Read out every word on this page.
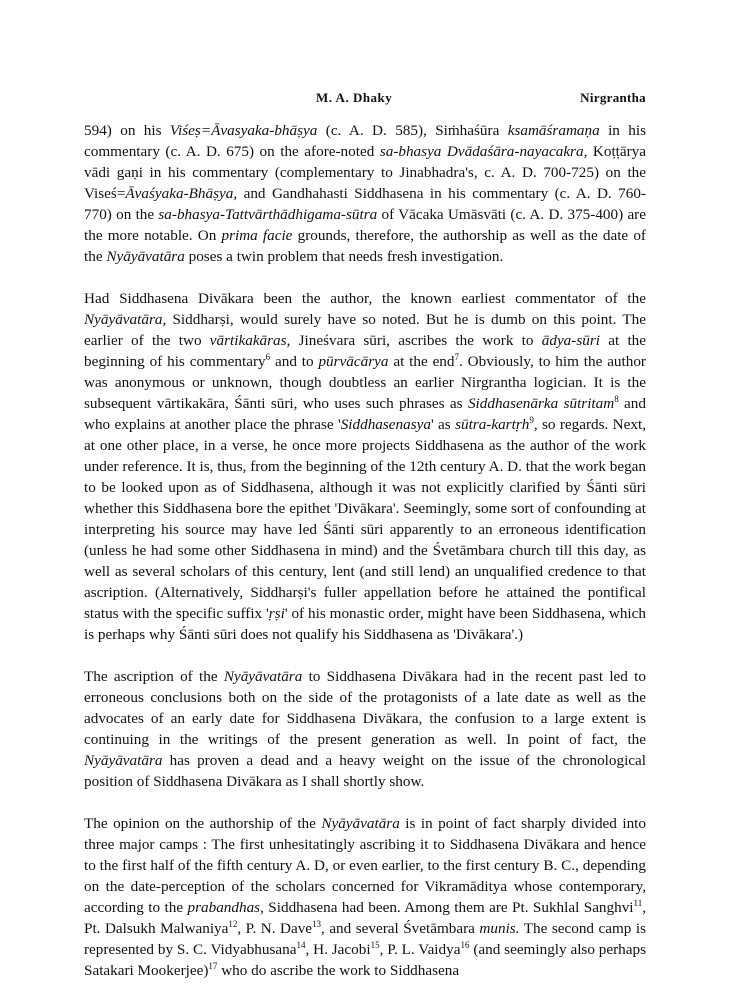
M. A. Dhaky	Nirgrantha

594) on his Viśeṣ=Āvasyaka-bhāṣya (c. A. D. 585), Siṁhaśūra ksamāśramaṇa in his commentary (c. A. D. 675) on the afore-noted sa-bhasya Dvādaśāra-nayacakra, Koṭṭārya vādi gaṇi in his commentary (complementary to Jinabhadra's, c. A. D. 700-725) on the Viseś=Āvaśyaka-Bhāṣya, and Gandhahasti Siddhasena in his commentary (c. A. D. 760-770) on the sa-bhasya-Tattvārthādhigama-sūtra of Vācaka Umāsvāti (c. A. D. 375-400) are the more notable. On prima facie grounds, therefore, the authorship as well as the date of the Nyāyāvatāra poses a twin problem that needs fresh investigation.

Had Siddhasena Divākara been the author, the known earliest commentator of the Nyāyāvatāra, Siddharṣi, would surely have so noted. But he is dumb on this point. The earlier of the two vārtikakāras, Jineśvara sūri, ascribes the work to ādya-sūri at the beginning of his commentary$^6$ and to pūrvācārya at the end$^7$. Obviously, to him the author was anonymous or unknown, though doubtless an earlier Nirgrantha logician. It is the subsequent vārtikakāra, Śānti sūri, who uses such phrases as Siddhasenārka sūtritam$^8$ and who explains at another place the phrase 'Siddhasenasya' as sūtra-kartṛh$^9$, so regards. Next, at one other place, in a verse, he once more projects Siddhasena as the author of the work under reference. It is, thus, from the beginning of the 12th century A. D. that the work began to be looked upon as of Siddhasena, although it was not explicitly clarified by Śānti sūri whether this Siddhasena bore the epithet 'Divākara'. Seemingly, some sort of confounding at interpreting his source may have led Śānti sūri apparently to an erroneous identification (unless he had some other Siddhasena in mind) and the Śvetāmbara church till this day, as well as several scholars of this century, lent (and still lend) an unqualified credence to that ascription. (Alternatively, Siddharṣi's fuller appellation before he attained the pontifical status with the specific suffix 'ṛṣi' of his monastic order, might have been Siddhasena, which is perhaps why Śānti sūri does not qualify his Siddhasena as 'Divākara'.)

The ascription of the Nyāyāvatāra to Siddhasena Divākara had in the recent past led to erroneous conclusions both on the side of the protagonists of a late date as well as the advocates of an early date for Siddhasena Divākara, the confusion to a large extent is continuing in the writings of the present generation as well. In point of fact, the Nyāyāvatāra has proven a dead and a heavy weight on the issue of the chronological position of Siddhasena Divākara as I shall shortly show.

The opinion on the authorship of the Nyāyāvatāra is in point of fact sharply divided into three major camps : The first unhesitatingly ascribing it to Siddhasena Divākara and hence to the first half of the fifth century A. D, or even earlier, to the first century B. C., depending on the date-perception of the scholars concerned for Vikramāditya whose contemporary, according to the prabandhas, Siddhasena had been. Among them are Pt. Sukhlal Sanghvi$^{11}$, Pt. Dalsukh Malwaniya$^{12}$, P. N. Dave$^{13}$, and several Śvetāmbara munis. The second camp is represented by S. C. Vidyabhusana$^{14}$, H. Jacobi$^{15}$, P. L. Vaidya$^{16}$ (and seemingly also perhaps Satakari Mookerjee)$^{17}$ who do ascribe the work to Siddhasena
